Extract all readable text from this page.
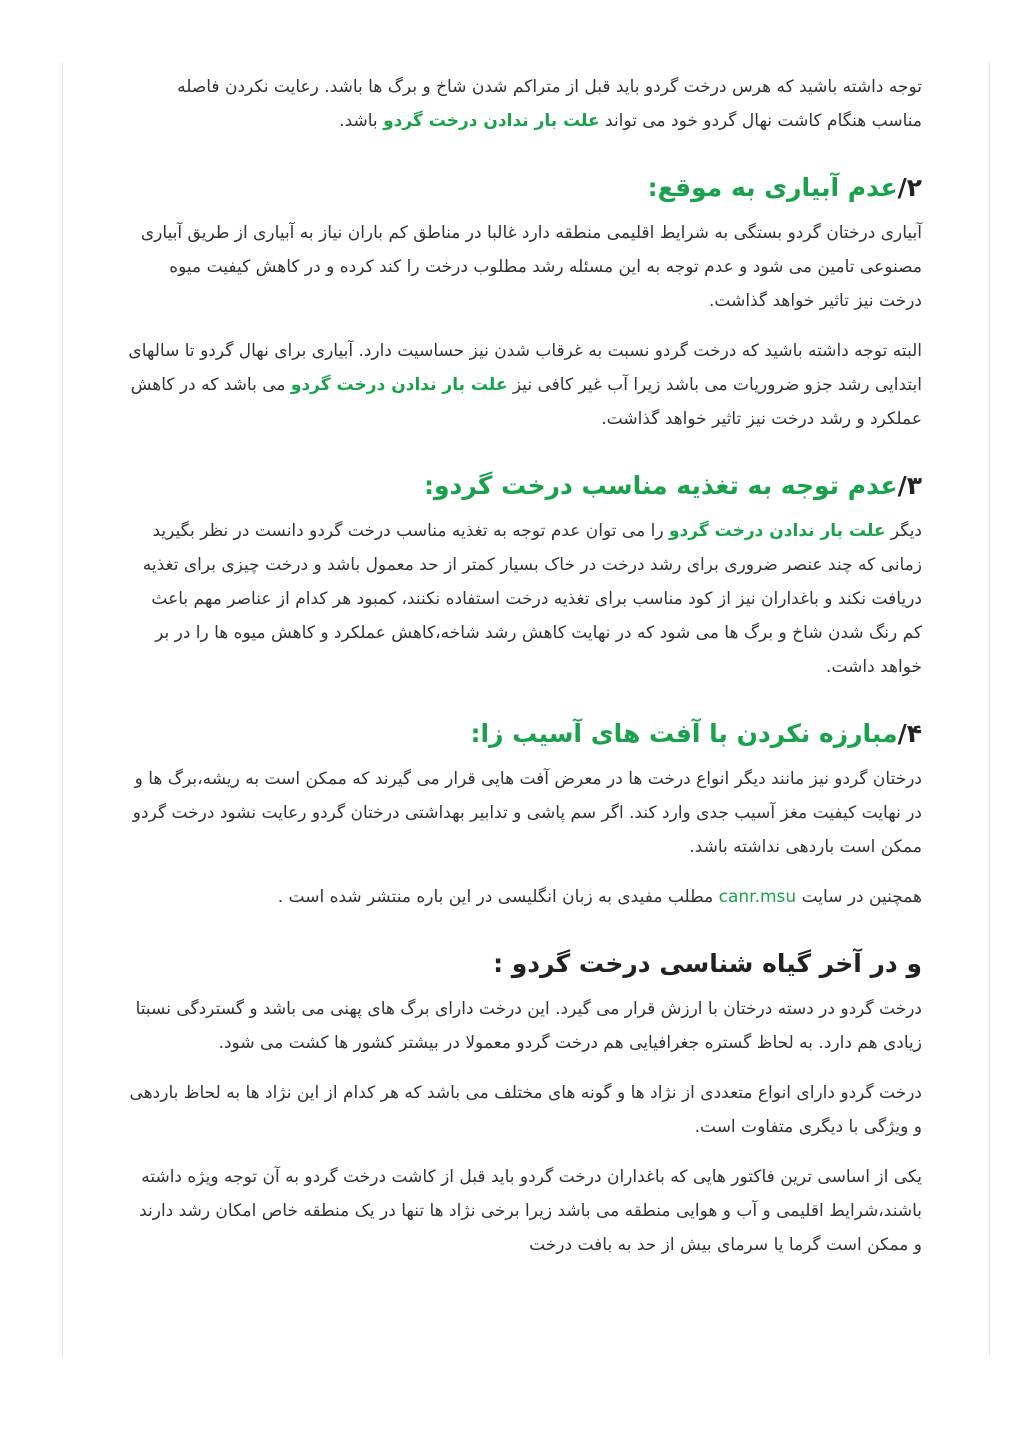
توجه داشته باشید که هرس درخت گردو باید قبل از متراکم شدن شاخ و برگ ها باشد. رعایت نکردن فاصله مناسب هنگام کاشت نهال گردو خود می تواند علت بار ندادن درخت گردو باشد.

۲/عدم آبیاری به موقع:

آبیاری درختان گردو بستگی به شرایط اقلیمی منطقه دارد غالبا در مناطق کم باران نیاز به آبیاری از طریق آبیاری مصنوعی تامین می شود و عدم توجه به این مسئله رشد مطلوب درخت را کند کرده و در کاهش کیفیت میوه درخت نیز تاثیر خواهد گذاشت.

البته توجه داشته باشید که درخت گردو نسبت به غرقاب شدن نیز حساسیت دارد. آبیاری برای نهال گردو تا سالهای ابتدایی رشد جزو ضروریات می باشد زیرا آب غیر کافی نیز علت بار ندادن درخت گردو می باشد که در کاهش عملکرد و رشد درخت نیز تاثیر خواهد گذاشت.

۳/عدم توجه به تغذیه مناسب درخت گردو:

دیگر علت بار ندادن درخت گردو را می توان عدم توجه به تغذیه مناسب درخت گردو دانست در نظر بگیرید زمانی که چند عنصر ضروری برای رشد درخت در خاک بسیار کمتر از حد معمول باشد و درخت چیزی برای تغذیه دریافت نکند و باغداران نیز از کود مناسب برای تغذیه درخت استفاده نکنند، کمبود هر کدام از عناصر مهم باعث کم رنگ شدن شاخ و برگ ها می شود که در نهایت کاهش رشد شاخه،کاهش عملکرد و کاهش میوه ها را در بر خواهد داشت.

۴/مبارزه نکردن با آفت های آسیب زا:

درختان گردو نیز مانند دیگر انواع درخت ها در معرض آفت هایی قرار می گیرند که ممکن است به ریشه،برگ ها و در نهایت کیفیت مغز آسیب جدی وارد کند. اگر سم پاشی و تدابیر بهداشتی درختان گردو رعایت نشود درخت گردو ممکن است باردهی نداشته باشد.

همچنین در سایت canr.msu مطلب مفیدی به زبان انگلیسی در این باره منتشر شده است .

و در آخر گیاه شناسی درخت گردو :

درخت گردو در دسته درختان با ارزش قرار می گیرد. این درخت دارای برگ های پهنی می باشد و گستردگی نسبتا زیادی هم دارد. به لحاظ گستره جغرافیایی هم درخت گردو معمولا در بیشتر کشور ها کشت می شود.

درخت گردو دارای انواع متعددی از نژاد ها و گونه های مختلف می باشد که هر کدام از این نژاد ها به لحاظ باردهی و ویژگی با دیگری متفاوت است.

یکی از اساسی ترین فاکتور هایی که باغداران درخت گردو باید قبل از کاشت درخت گردو به آن توجه ویژه داشته باشند،شرایط اقلیمی و آب و هوایی منطقه می باشد زیرا برخی نژاد ها تنها در یک منطقه خاص امکان رشد دارند و ممکن است گرما یا سرمای بیش از حد به بافت درخت
